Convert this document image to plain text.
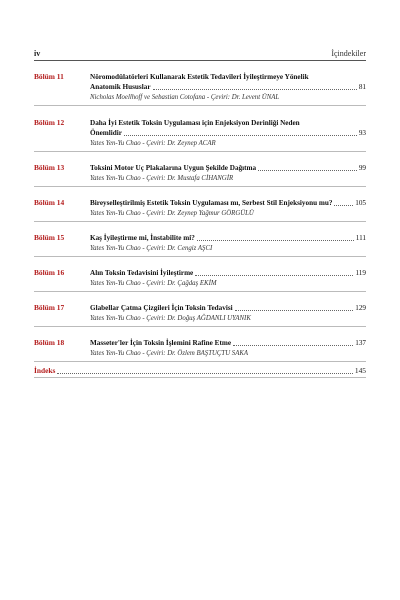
iv	İçindekiler
Bölüm 11	Nöromodülatörleri Kullanarak Estetik Tedavileri İyileştirmeye Yönelik
Anatomik Hususlar	81
Nicholas Moellhoff ve Sebastian Cotofana - Çeviri: Dr. Levent ÜNAL
Bölüm 12	Daha İyi Estetik Toksin Uygulaması için Enjeksiyon Derinliği Neden
Önemlidir	93
Yates Yen-Yu Chao - Çeviri: Dr. Zeynep ACAR
Bölüm 13	Toksini Motor Uç Plakalarına Uygun Şekilde Dağıtma	99
Yates Yen-Yu Chao - Çeviri: Dr. Mustafa CİHANGİR
Bölüm 14	Bireyselleştirilmiş Estetik Toksin Uygulaması mı, Serbest Stil Enjeksiyonu mu?	105
Yates Yen-Yu Chao - Çeviri: Dr. Zeynep Yağmur GÖRGÜLÜ
Bölüm 15	Kaş İyileştirme mi, İnstabilite mi?	111
Yates Yen-Yu Chao - Çeviri: Dr. Cengiz AŞCI
Bölüm 16	Alın Toksin Tedavisini İyileştirme	119
Yates Yen-Yu Chao - Çeviri: Dr. Çağdaş EKİM
Bölüm 17	Glabellar Çatma Çizgileri İçin Toksin Tedavisi	129
Yates Yen-Yu Chao - Çeviri: Dr. Doğuş AĞDANLI UYANIK
Bölüm 18	Masseter'ler İçin Toksin İşlemini Rafine Etme	137
Yates Yen-Yu Chao - Çeviri: Dr. Özlem BAŞTUÇTU SAKA
İndeks	145
